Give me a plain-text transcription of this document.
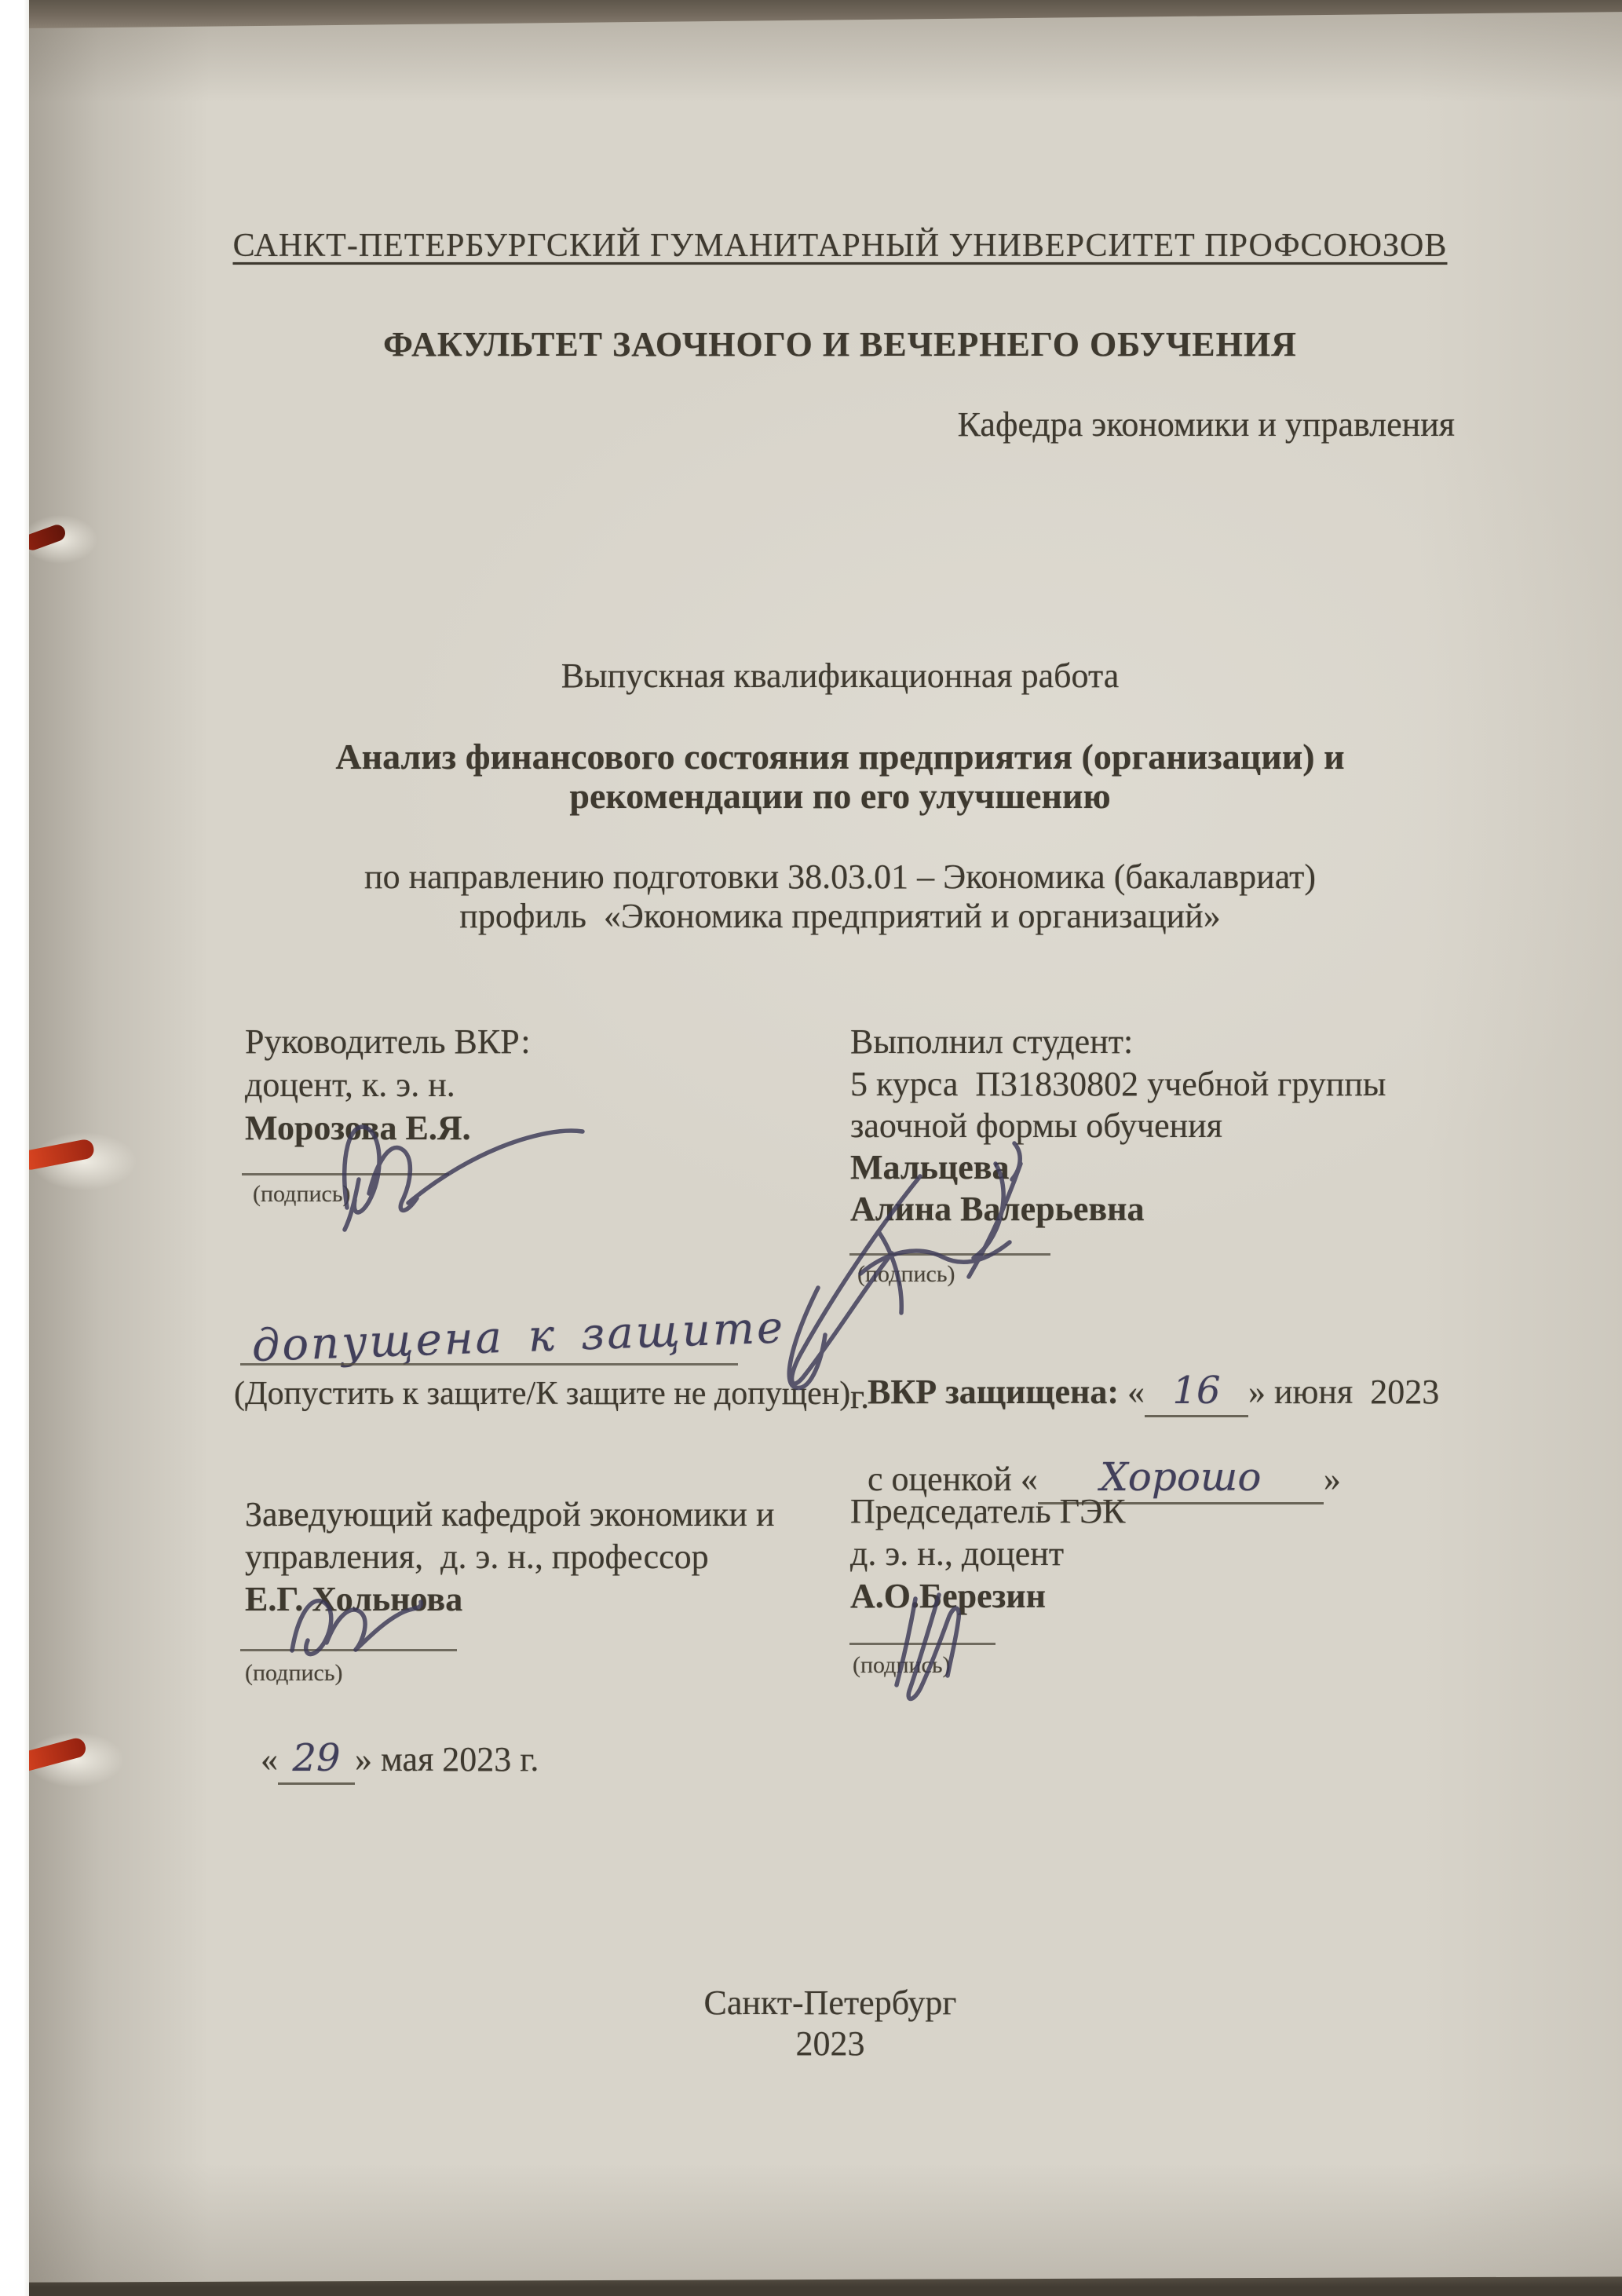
САНКТ-ПЕТЕРБУРГСКИЙ ГУМАНИТАРНЫЙ УНИВЕРСИТЕТ ПРОФСОЮЗОВ
ФАКУЛЬТЕТ ЗАОЧНОГО И ВЕЧЕРНЕГО ОБУЧЕНИЯ
Кафедра экономики и управления
Выпускная квалификационная работа
Анализ финансового состояния предприятия (организации) и
рекомендации по его улучшению
по направлению подготовки 38.03.01 – Экономика (бакалавриат)
профиль  «Экономика предприятий и организаций»
Руководитель ВКР:
доцент, к. э. н.
Морозова Е.Я.
(подпись)
Выполнил студент:
5 курса  ПЗ1830802 учебной группы
заочной формы обучения
Мальцева
Алина Валерьевна
(подпись)
допущена к защите
(Допустить к защите/К защите не допущен) ВКР защищена: « 16 » июня  2023

г.

с оценкой « Хорошо »

Заведующий кафедрой экономики и
управления,  д. э. н., профессор
Е.Г. Хольнова
(подпись)

« 29 » мая 2023 г.

Председатель ГЭК
д. э. н., доцент
А.О.Березин
(подпись)
Санкт-Петербург
2023
